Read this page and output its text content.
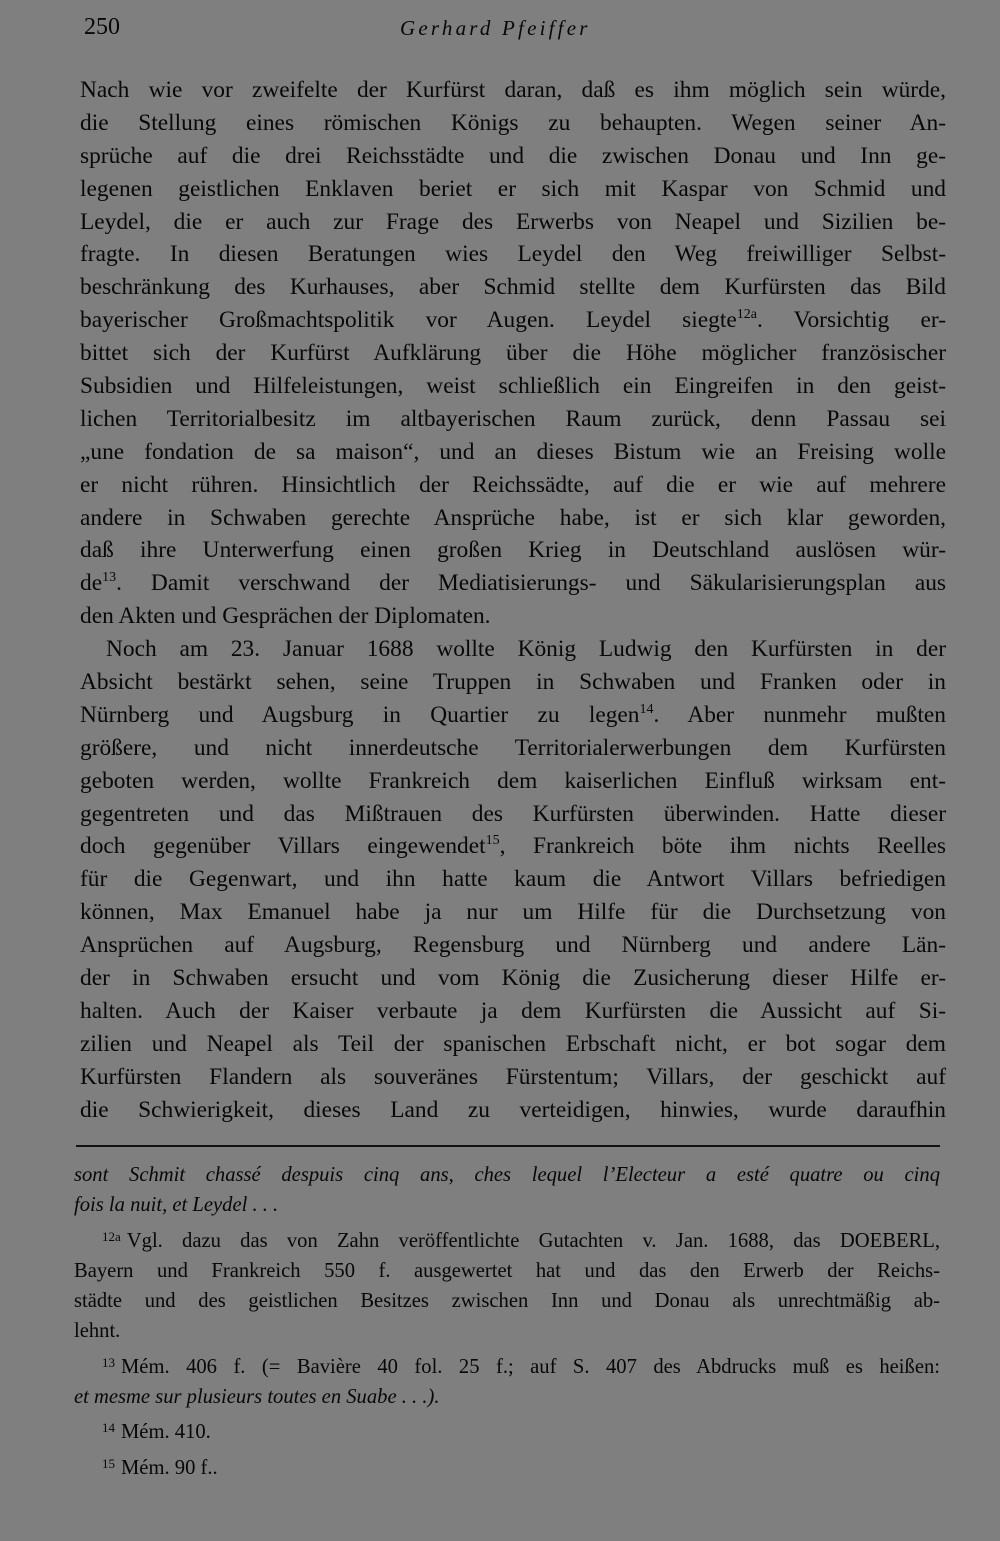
250	Gerhard Pfeiffer
Nach wie vor zweifelte der Kurfürst daran, daß es ihm möglich sein würde,
die Stellung eines römischen Königs zu behaupten. Wegen seiner An-
sprüche auf die drei Reichsstädte und die zwischen Donau und Inn ge-
legenen geistlichen Enklaven beriet er sich mit Kaspar von Schmid und
Leydel, die er auch zur Frage des Erwerbs von Neapel und Sizilien be-
fragte. In diesen Beratungen wies Leydel den Weg freiwilliger Selbst-
beschränkung des Kurhauses, aber Schmid stellte dem Kurfürsten das Bild
bayerischer Großmachtspolitik vor Augen. Leydel siegte$^{12a}$. Vorsichtig er-
bittet sich der Kurfürst Aufklärung über die Höhe möglicher französischer
Subsidien und Hilfeleistungen, weist schließlich ein Eingreifen in den geist-
lichen Territorialbesitz im altbayerischen Raum zurück, denn Passau sei
„une fondation de sa maison“, und an dieses Bistum wie an Freising wolle
er nicht rühren. Hinsichtlich der Reichssädte, auf die er wie auf mehrere
andere in Schwaben gerechte Ansprüche habe, ist er sich klar geworden,
daß ihre Unterwerfung einen großen Krieg in Deutschland auslösen wür-
$de^{13}$. Damit verschwand der Mediatisierungs- und Säkularisierungsplan aus
den Akten und Gesprächen der Diplomaten.
Noch am 23. Januar 1688 wollte König Ludwig den Kurfürsten in der
Absicht bestärkt sehen, seine Truppen in Schwaben und Franken oder in
Nürnberg und Augsburg in Quartier zu legen$^{14}$. Aber nunmehr mußten
größere, und nicht innerdeutsche Territorialerwerbungen dem Kurfürsten
geboten werden, wollte Frankreich dem kaiserlichen Einfluß wirksam ent-
gegentreten und das Mißtrauen des Kurfürsten überwinden. Hatte dieser
doch gegenüber Villars eingewendet$^{15}$, Frankreich böte ihm nichts Reelles
für die Gegenwart, und ihn hatte kaum die Antwort Villars befriedigen
können, Max Emanuel habe ja nur um Hilfe für die Durchsetzung von
Ansprüchen auf Augsburg, Regensburg und Nürnberg und andere Län-
der in Schwaben ersucht und vom König die Zusicherung dieser Hilfe er-
halten. Auch der Kaiser verbaute ja dem Kurfürsten die Aussicht auf Si-
zilien und Neapel als Teil der spanischen Erbschaft nicht, er bot sogar dem
Kurfürsten Flandern als souveränes Fürstentum; Villars, der geschickt auf
die Schwierigkeit, dieses Land zu verteidigen, hinwies, wurde daraufhin
sont Schmit chassé despuis cinq ans, ches lequel l’Electeur a esté quatre ou cinq
fois la nuit, et Leydel . . .
$^{12a}$ Vgl. dazu das von Zahn veröffentlichte Gutachten v. Jan. 1688, das DOEBERL,
Bayern und Frankreich 550 f. ausgewertet hat und das den Erwerb der Reichs-
städte und des geistlichen Besitzes zwischen Inn und Donau als unrechtmäßig ab-
lehnt.
$^{13}$ Mém. 406 f. (= Bavière 40 fol. 25 f.; auf S. 407 des Abdrucks muß es heißen:
et mesme sur plusieurs toutes en Suabe . . .).
$^{14}$ Mém. 410.
$^{15}$ Mém. 90 f..
